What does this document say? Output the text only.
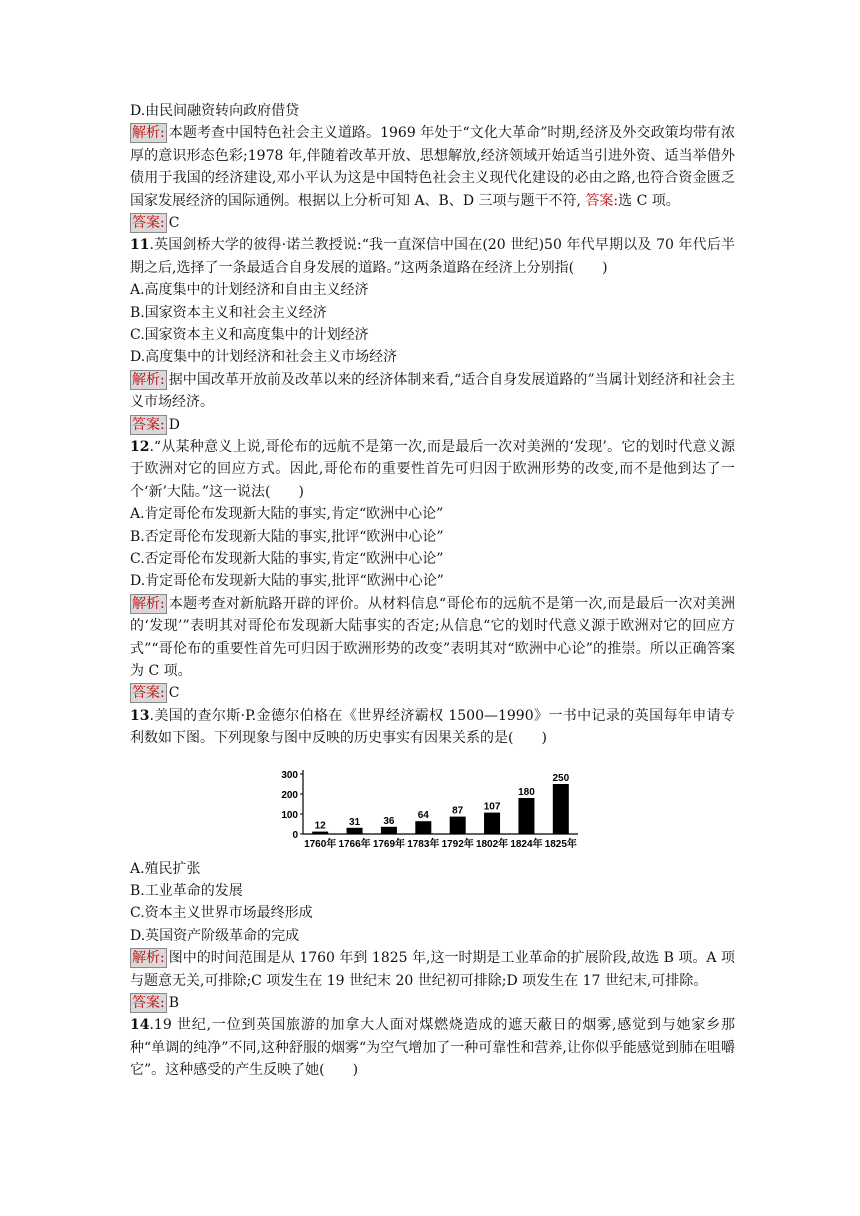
D.由民间融资转向政府借贷
解析: 本题考查中国特色社会主义道路。1969 年处于“文化大革命”时期,经济及外交政策均带有浓厚的意识形态色彩;1978 年,伴随着改革开放、思想解放,经济领域开始适当引进外资、适当举借外债用于我国的经济建设,邓小平认为这是中国特色社会主义现代化建设的必由之路,也符合资金匮乏国家发展经济的国际通例。根据以上分析可知 A、B、D 三项与题干不符, 答案:选 C 项。
答案: C
11.英国剑桥大学的彼得·诺兰教授说:“我一直深信中国在(20 世纪)50 年代早期以及 70 年代后半期之后,选择了一条最适合自身发展的道路。”这两条道路在经济上分别指(　　)
A.高度集中的计划经济和自由主义经济
B.国家资本主义和社会主义经济
C.国家资本主义和高度集中的计划经济
D.高度集中的计划经济和社会主义市场经济
解析: 据中国改革开放前及改革以来的经济体制来看,“适合自身发展道路的”当属计划经济和社会主义市场经济。
答案: D
12.“从某种意义上说,哥伦布的远航不是第一次,而是最后一次对美洲的‘发现’。它的划时代意义源于欧洲对它的回应方式。因此,哥伦布的重要性首先可归因于欧洲形势的改变,而不是他到达了一个‘新’大陆。”这一说法(　　)
A.肯定哥伦布发现新大陆的事实,肯定“欧洲中心论”
B.否定哥伦布发现新大陆的事实,批评“欧洲中心论”
C.否定哥伦布发现新大陆的事实,肯定“欧洲中心论”
D.肯定哥伦布发现新大陆的事实,批评“欧洲中心论”
解析: 本题考查对新航路开辟的评价。从材料信息“哥伦布的远航不是第一次,而是最后一次对美洲的‘发现’”表明其对哥伦布发现新大陆事实的否定;从信息“它的划时代意义源于欧洲对它的回应方式”“哥伦布的重要性首先可归因于欧洲形势的改变”表明其对“欧洲中心论”的推崇。所以正确答案为 C 项。
答案: C
13.美国的查尔斯·P.金德尔伯格在《世界经济霸权 1500—1990》一书中记录的英国每年申请专利数如下图。下列现象与图中反映的历史事实有因果关系的是(　　)
0
100
200
300
12
1760年
31
1766年
36
1769年
64
1783年
87
1792年
107
1802年
180
1824年
250
1825年
A.殖民扩张
B.工业革命的发展
C.资本主义世界市场最终形成
D.英国资产阶级革命的完成
解析: 图中的时间范围是从 1760 年到 1825 年,这一时期是工业革命的扩展阶段,故选 B 项。A 项与题意无关,可排除;C 项发生在 19 世纪末 20 世纪初可排除;D 项发生在 17 世纪末,可排除。
答案: B
14.19 世纪,一位到英国旅游的加拿大人面对煤燃烧造成的遮天蔽日的烟雾,感觉到与她家乡那种“单调的纯净”不同,这种舒服的烟雾“为空气增加了一种可靠性和营养,让你似乎能感觉到肺在咀嚼它”。这种感受的产生反映了她(　　)
